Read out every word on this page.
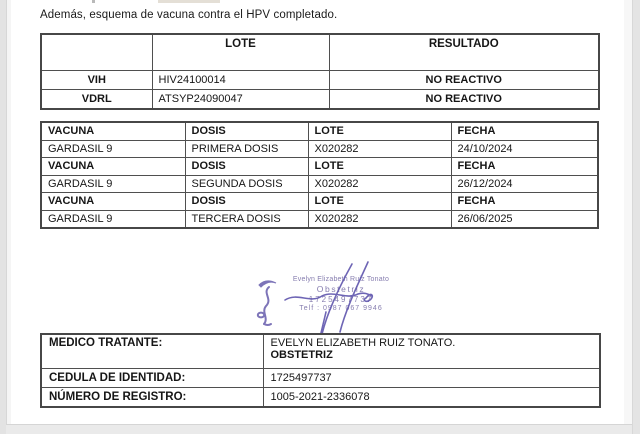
Además, esquema de vacuna contra el HPV completado.
	LOTE	RESULTADO
VIH	HIV24100014	NO REACTIVO
VDRL	ATSYP24090047	NO REACTIVO
VACUNA	DOSIS	LOTE	FECHA
GARDASIL 9	PRIMERA DOSIS	X020282	24/10/2024
VACUNA	DOSIS	LOTE	FECHA
GARDASIL 9	SEGUNDA DOSIS	X020282	26/12/2024
VACUNA	DOSIS	LOTE	FECHA
GARDASIL 9	TERCERA DOSIS	X020282	26/06/2025
Evelyn Elizabeth Ruiz Tonato
Obstetriz
1725497737
Telf : 0987 067 9946
MEDICO TRATANTE:	EVELYN ELIZABETH RUIZ TONATO.
OBSTETRIZ

CEDULA DE IDENTIDAD:	1725497737
NÚMERO DE REGISTRO:	1005-2021-2336078
